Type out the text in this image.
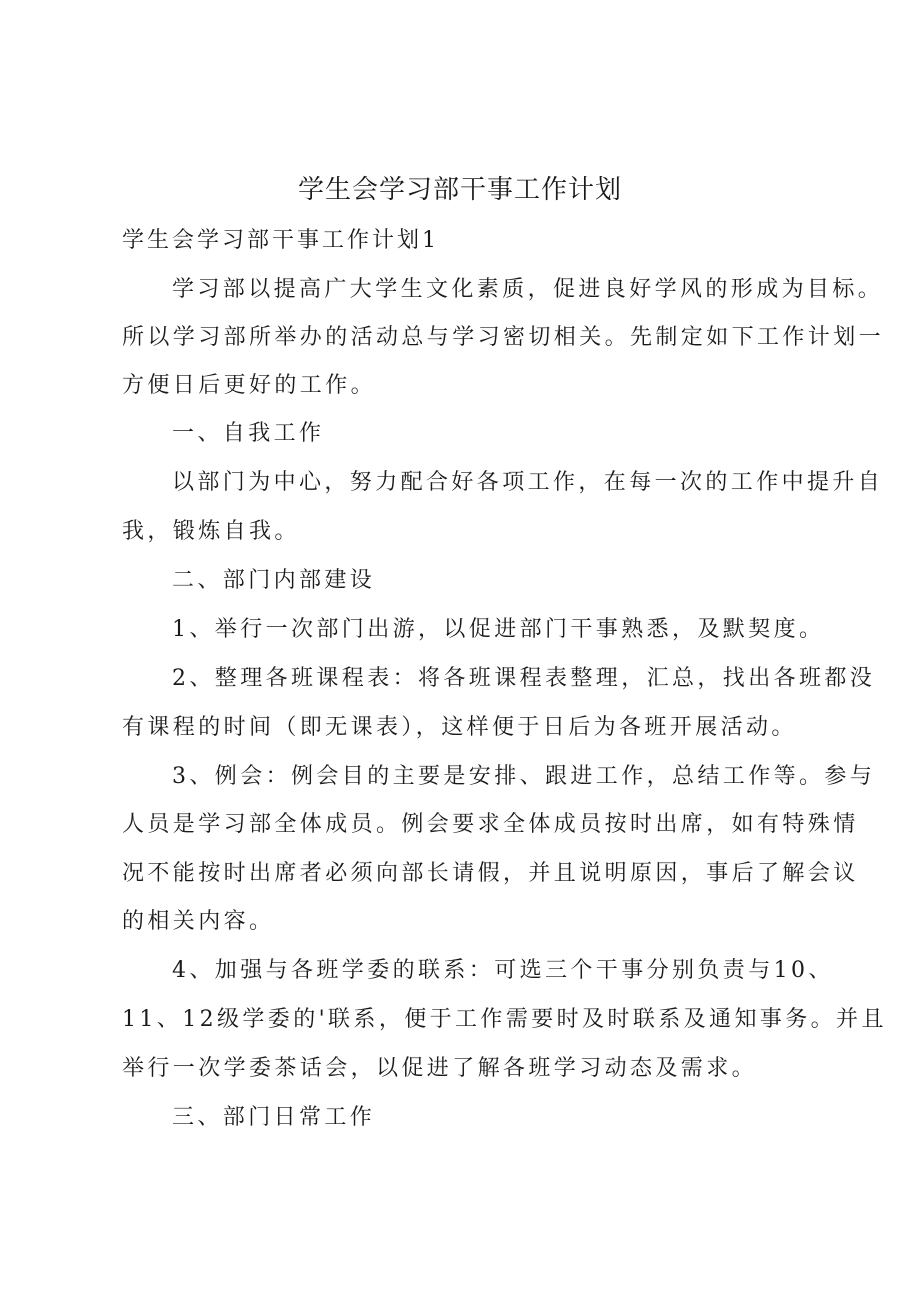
学生会学习部干事工作计划
学生会学习部干事工作计划1
学习部以提高广大学生文化素质，促进良好学风的形成为目标。
所以学习部所举办的活动总与学习密切相关。先制定如下工作计划一
方便日后更好的工作。
一、自我工作
以部门为中心，努力配合好各项工作，在每一次的工作中提升自
我，锻炼自我。
二、部门内部建设
1、举行一次部门出游，以促进部门干事熟悉，及默契度。
2、整理各班课程表：将各班课程表整理，汇总，找出各班都没
有课程的时间（即无课表），这样便于日后为各班开展活动。
3、例会：例会目的主要是安排、跟进工作，总结工作等。参与
人员是学习部全体成员。例会要求全体成员按时出席，如有特殊情
况不能按时出席者必须向部长请假，并且说明原因，事后了解会议
的相关内容。
4、加强与各班学委的联系：可选三个干事分别负责与10、
11、12级学委的'联系，便于工作需要时及时联系及通知事务。并且
举行一次学委茶话会，以促进了解各班学习动态及需求。
三、部门日常工作
